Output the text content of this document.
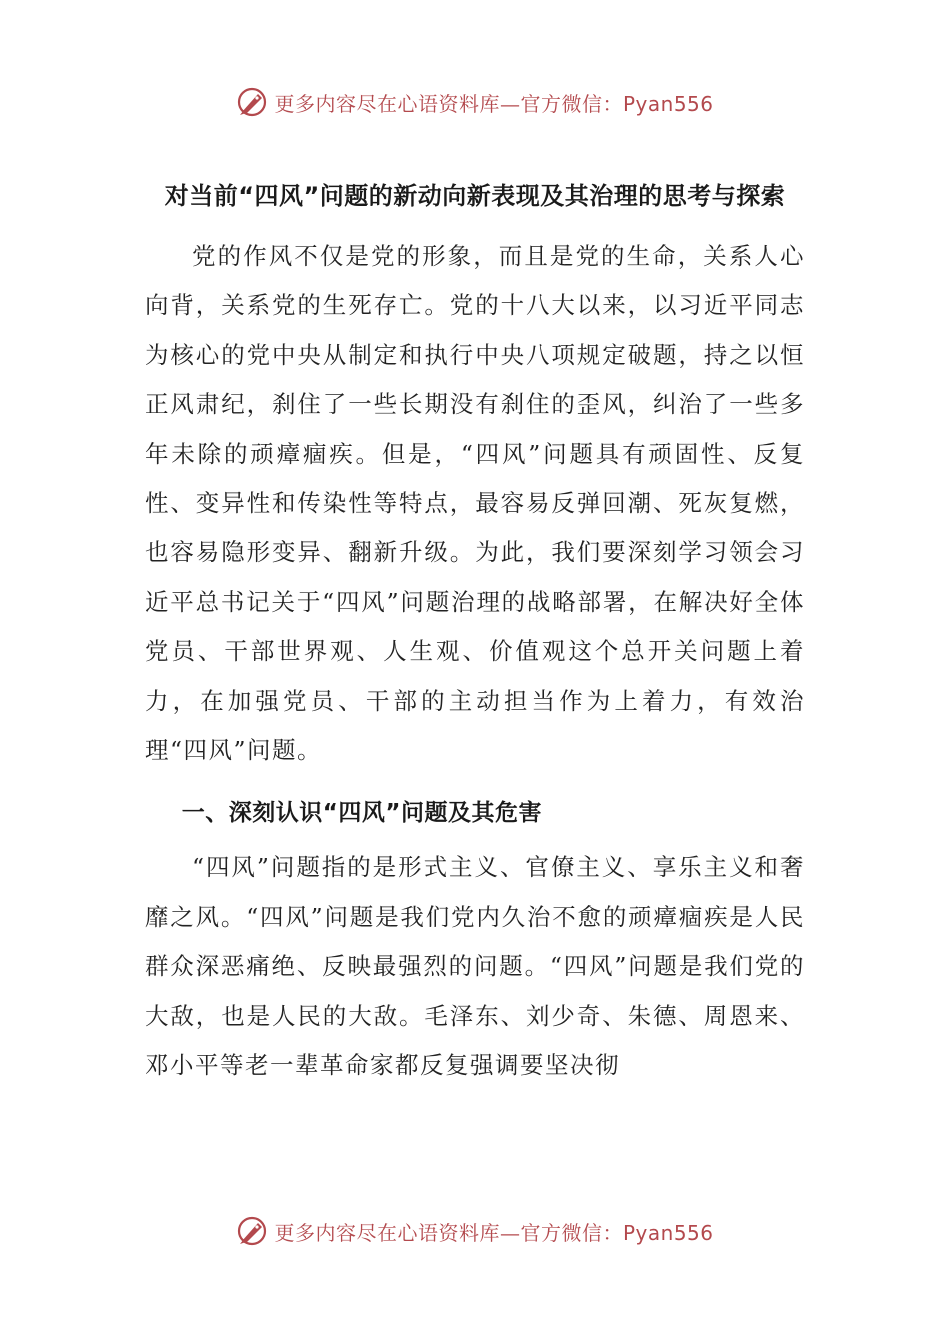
更多内容尽在心语资料库—官方微信：Pyan556
对当前“四风”问题的新动向新表现及其治理的思考与探索

党的作风不仅是党的形象，而且是党的生命，关系人心向背，关系党的生死存亡。党的十八大以来，以习近平同志为核心的党中央从制定和执行中央八项规定破题，持之以恒正风肃纪，刹住了一些长期没有刹住的歪风，纠治了一些多年未除的顽瘴痼疾。但是，“四风”问题具有顽固性、反复性、变异性和传染性等特点，最容易反弹回潮、死灰复燃，也容易隐形变异、翻新升级。为此，我们要深刻学习领会习近平总书记关于“四风”问题治理的战略部署，在解决好全体党员、干部世界观、人生观、价值观这个总开关问题上着力，在加强党员、干部的主动担当作为上着力，有效治理“四风”问题。

一、深刻认识“四风”问题及其危害

“四风”问题指的是形式主义、官僚主义、享乐主义和奢靡之风。“四风”问题是我们党内久治不愈的顽瘴痼疾是人民群众深恶痛绝、反映最强烈的问题。“四风”问题是我们党的大敌，也是人民的大敌。毛泽东、刘少奇、朱德、周恩来、邓小平等老一辈革命家都反复强调要坚决彻

更多内容尽在心语资料库—官方微信：Pyan556
